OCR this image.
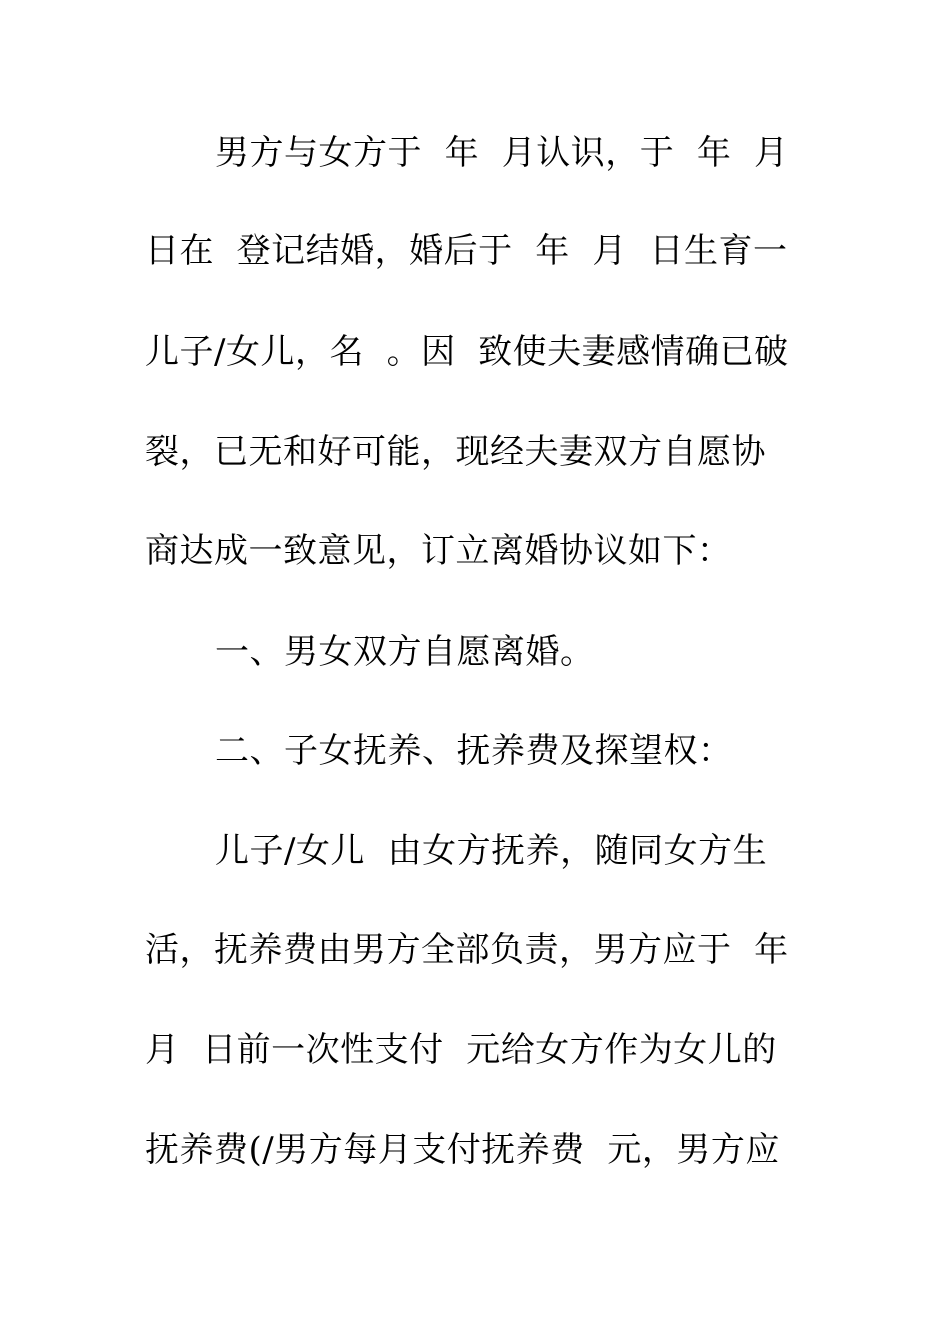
男方与女方于  年  月认识，于  年  月
日在  登记结婚，婚后于  年  月  日生育一
儿子/女儿，名  。因  致使夫妻感情确已破
裂，已无和好可能，现经夫妻双方自愿协
商达成一致意见，订立离婚协议如下：
一、男女双方自愿离婚。
二、子女抚养、抚养费及探望权：
儿子/女儿  由女方抚养，随同女方生
活，抚养费由男方全部负责，男方应于  年
月  日前一次性支付  元给女方作为女儿的
抚养费(/男方每月支付抚养费  元，男方应
